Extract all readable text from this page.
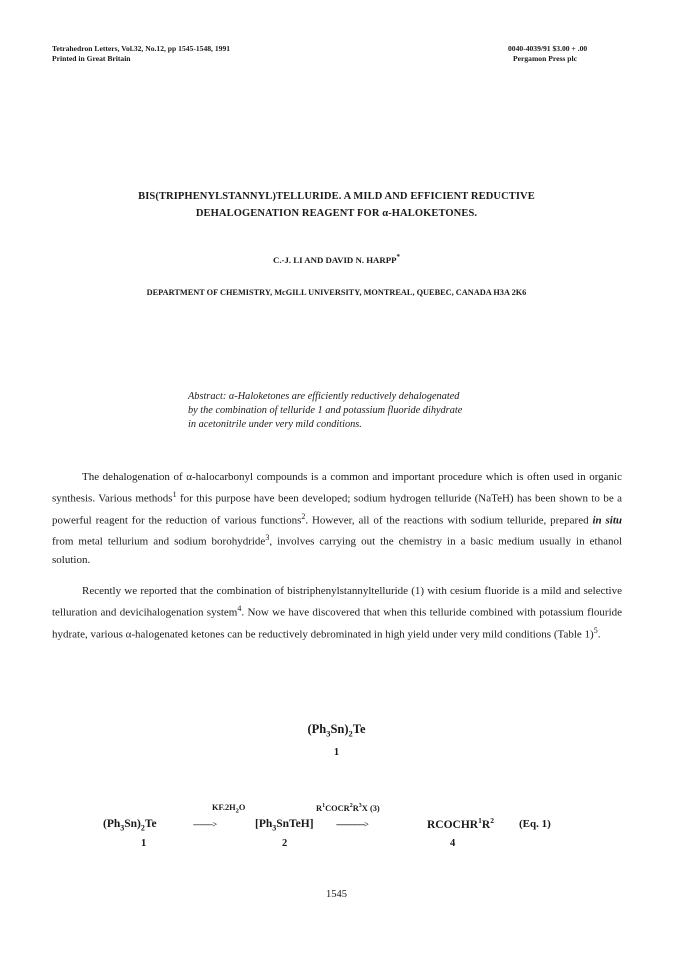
Tetrahedron Letters, Vol.32, No.12, pp 1545-1548, 1991
Printed in Great Britain
0040-4039/91 $3.00 + .00
Pergamon Press plc
BIS(TRIPHENYLSTANNYL)TELLURIDE. A MILD AND EFFICIENT REDUCTIVE
DEHALOGENATION REAGENT FOR α-HALOKETONES.
C.-J. LI AND DAVID N. HARPP*
DEPARTMENT OF CHEMISTRY, McGILL UNIVERSITY, MONTREAL, QUEBEC, CANADA H3A 2K6
Abstract: α-Haloketones are efficiently reductively dehalogenated
by the combination of telluride 1 and potassium fluoride dihydrate
in acetonitrile under very mild conditions.
The dehalogenation of α-halocarbonyl compounds is a common and important procedure which is often used in organic synthesis. Various methods$^1$ for this purpose have been developed; sodium hydrogen telluride (NaTeH) has been shown to be a powerful reagent for the reduction of various functions$^2$. However, all of the reactions with sodium telluride, prepared in situ from metal tellurium and sodium borohydride$^3$, involves carrying out the chemistry in a basic medium usually in ethanol solution.
Recently we reported that the combination of bistriphenylstannyltelluride (1) with cesium fluoride is a mild and selective telluration and devicihalogenation system$^4$. Now we have discovered that when this telluride combined with potassium flouride hydrate, various α-halogenated ketones can be reductively debrominated in high yield under very mild conditions (Table 1)$^5$.
$(Ph_3Sn)_2Te$
1
$KF.2H_2O$	$R^1COCR^2R^3X$ (3)
$(Ph_3Sn)_2Te$	--------->	$[Ph_3SnTeH]$	----------------->	$RCOCHR^1R^2$ (Eq. 1)
1	2	4
1545
